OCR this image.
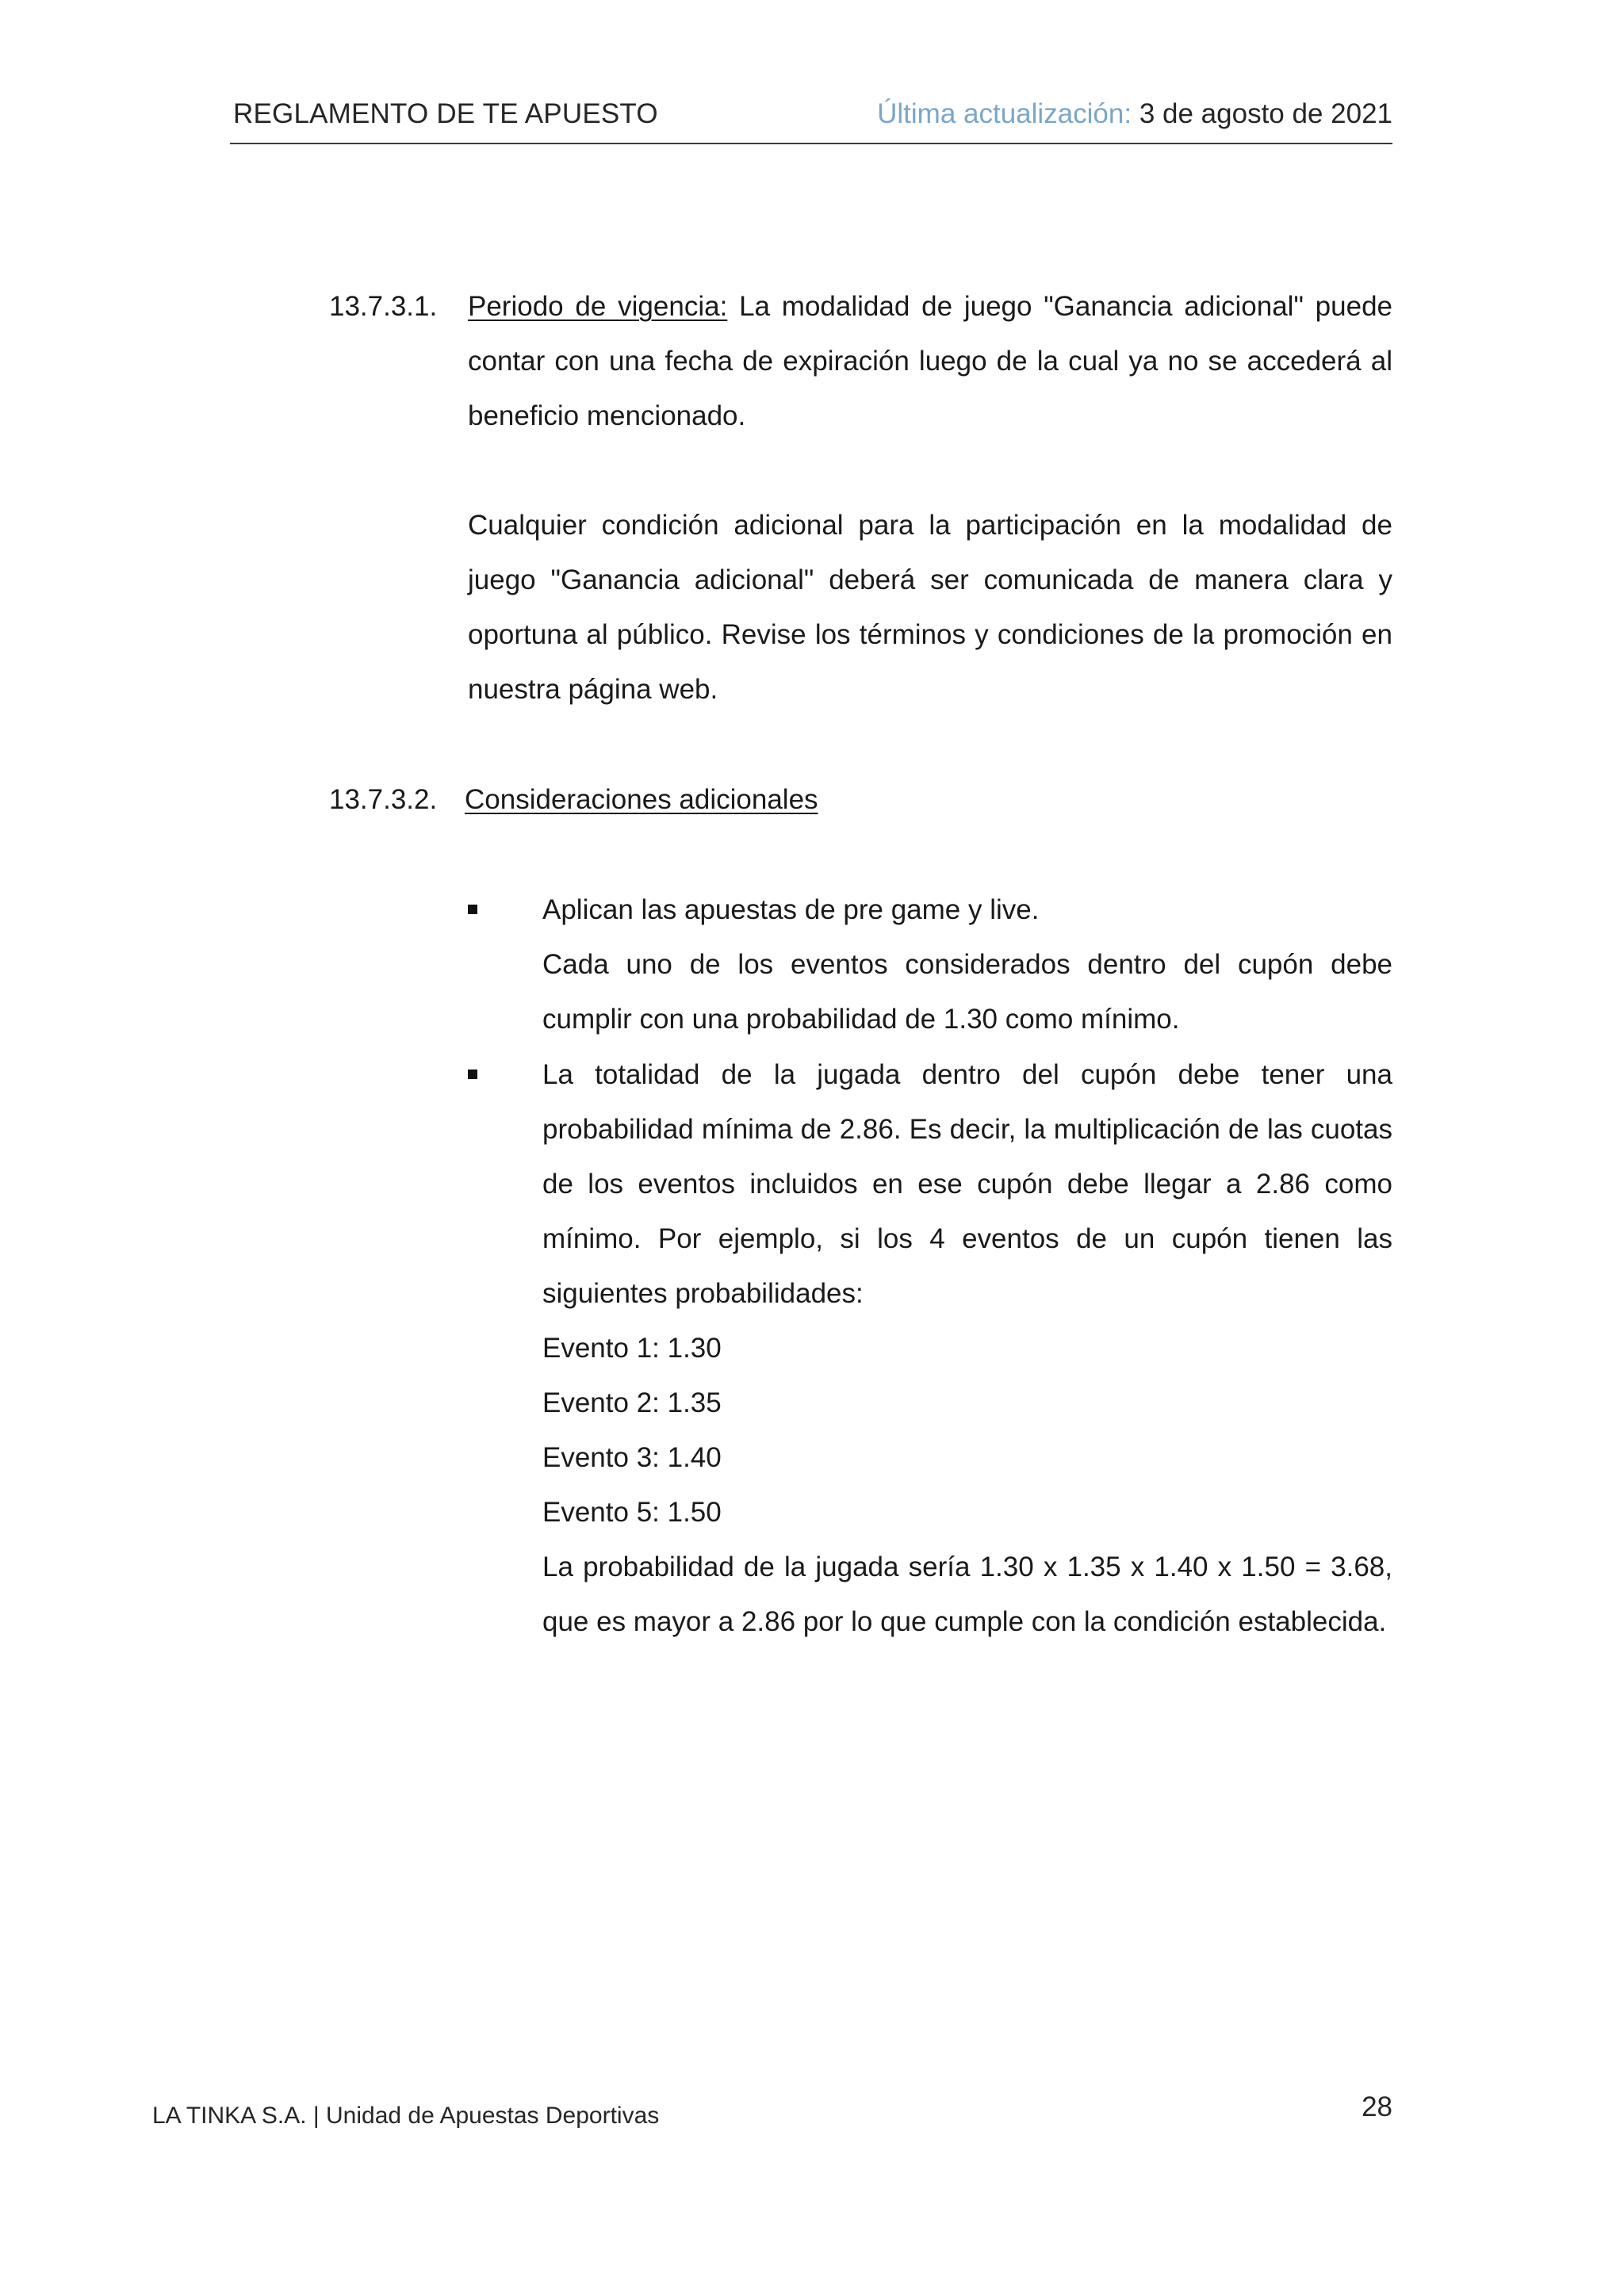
REGLAMENTO DE TE APUESTO	Última actualización: 3 de agosto de 2021
13.7.3.1. Periodo de vigencia: La modalidad de juego "Ganancia adicional" puede contar con una fecha de expiración luego de la cual ya no se accederá al beneficio mencionado.
Cualquier condición adicional para la participación en la modalidad de juego "Ganancia adicional" deberá ser comunicada de manera clara y oportuna al público. Revise los términos y condiciones de la promoción en nuestra página web.
13.7.3.2. Consideraciones adicionales
Aplican las apuestas de pre game y live.
Cada uno de los eventos considerados dentro del cupón debe cumplir con una probabilidad de 1.30 como mínimo.
La totalidad de la jugada dentro del cupón debe tener una probabilidad mínima de 2.86. Es decir, la multiplicación de las cuotas de los eventos incluidos en ese cupón debe llegar a 2.86 como mínimo. Por ejemplo, si los 4 eventos de un cupón tienen las siguientes probabilidades:
Evento 1: 1.30
Evento 2: 1.35
Evento 3: 1.40
Evento 5: 1.50
La probabilidad de la jugada sería 1.30 x 1.35 x 1.40 x 1.50 = 3.68, que es mayor a 2.86 por lo que cumple con la condición establecida.
LA TINKA S.A. | Unidad de Apuestas Deportivas	28
